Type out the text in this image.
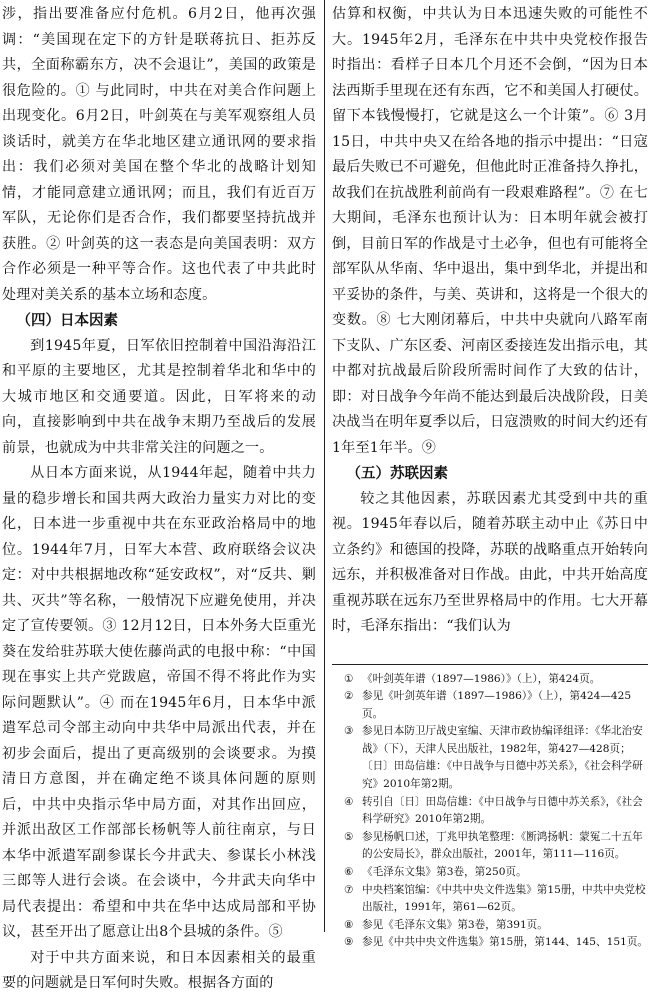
涉，指出要准备应付危机。6月2日，他再次强调：“美国现在定下的方针是联蒋抗日、拒苏反共，全面称霸东方，决不会退让”，美国的政策是很危险的。① 与此同时，中共在对美合作问题上出现变化。6月2日，叶剑英在与美军观察组人员谈话时，就美方在华北地区建立通讯网的要求指出：我们必须对美国在整个华北的战略计划知情，才能同意建立通讯网；而且，我们有近百万军队，无论你们是否合作，我们都要坚持抗战并获胜。② 叶剑英的这一表态是向美国表明：双方合作必须是一种平等合作。这也代表了中共此时处理对美关系的基本立场和态度。

（四）日本因素

到1945年夏，日军依旧控制着中国沿海沿江和平原的主要地区，尤其是控制着华北和华中的大城市地区和交通要道。因此，日军将来的动向，直接影响到中共在战争末期乃至战后的发展前景，也就成为中共非常关注的问题之一。

从日本方面来说，从1944年起，随着中共力量的稳步增长和国共两大政治力量实力对比的变化，日本进一步重视中共在东亚政治格局中的地位。1944年7月，日军大本营、政府联络会议决定：对中共根据地改称“延安政权”，对“反共、剿共、灭共”等名称，一般情况下应避免使用，并决定了宣传要领。③ 12月12日，日本外务大臣重光葵在发给驻苏联大使佐藤尚武的电报中称：“中国现在事实上共产党跋扈，帝国不得不将此作为实际问题默认”。④ 而在1945年6月，日本华中派遣军总司令部主动向中共华中局派出代表，并在初步会面后，提出了更高级别的会谈要求。为摸清日方意图，并在确定绝不谈具体问题的原则后，中共中央指示华中局方面，对其作出回应，并派出敌区工作部部长杨帆等人前往南京，与日本华中派遣军副参谋长今井武夫、参谋长小林浅三郎等人进行会谈。在会谈中，今井武夫向华中局代表提出：希望和中共在华中达成局部和平协议，甚至开出了愿意让出8个县城的条件。⑤

对于中共方面来说，和日本因素相关的最重要的问题就是日军何时失败。根据各方面的

估算和权衡，中共认为日本迅速失败的可能性不大。1945年2月，毛泽东在中共中央党校作报告时指出：看样子日本几个月还不会倒，“因为日本法西斯手里现在还有东西，它不和美国人打硬仗。留下本钱慢慢打，它就是这么一个计策”。⑥ 3月15日，中共中央又在给各地的指示中提出：“日寇最后失败已不可避免，但他此时正准备持久挣扎，故我们在抗战胜利前尚有一段艰难路程”。⑦ 在七大期间，毛泽东也预计认为：日本明年就会被打倒，目前日军的作战是寸土必争，但也有可能将全部军队从华南、华中退出，集中到华北，并提出和平妥协的条件，与美、英讲和，这将是一个很大的变数。⑧ 七大刚闭幕后，中共中央就向八路军南下支队、广东区委、河南区委接连发出指示电，其中都对抗战最后阶段所需时间作了大致的估计，即：对日战争今年尚不能达到最后决战阶段，日美决战当在明年夏季以后，日寇溃败的时间大约还有1年至1年半。⑨

（五）苏联因素

较之其他因素，苏联因素尤其受到中共的重视。1945年春以后，随着苏联主动中止《苏日中立条约》和德国的投降，苏联的战略重点开始转向远东，并积极准备对日作战。由此，中共开始高度重视苏联在远东乃至世界格局中的作用。七大开幕时，毛泽东指出：“我们认为

① 《叶剑英年谱（1897—1986）》（上），第424页。
② 参见《叶剑英年谱（1897—1986）》（上），第424—425页。
③ 参见日本防卫厅战史室编、天津市政协编译组译：《华北治安战》（下），天津人民出版社，1982年，第427—428页；〔日〕田岛信雄：《中日战争与日德中苏关系》，《社会科学研究》2010年第2期。
④ 转引自〔日〕田岛信雄：《中日战争与日德中苏关系》，《社会科学研究》2010年第2期。
⑤ 参见杨帆口述，丁兆甲执笔整理：《断鸿扬帆：蒙冤二十五年的公安局长》，群众出版社，2001年，第111—116页。
⑥ 《毛泽东文集》第3卷，第250页。
⑦ 中央档案馆编：《中共中央文件选集》第15册，中共中央党校出版社，1991年，第61—62页。
⑧ 参见《毛泽东文集》第3卷，第391页。
⑨ 参见《中共中央文件选集》第15册，第144、145、151页。
